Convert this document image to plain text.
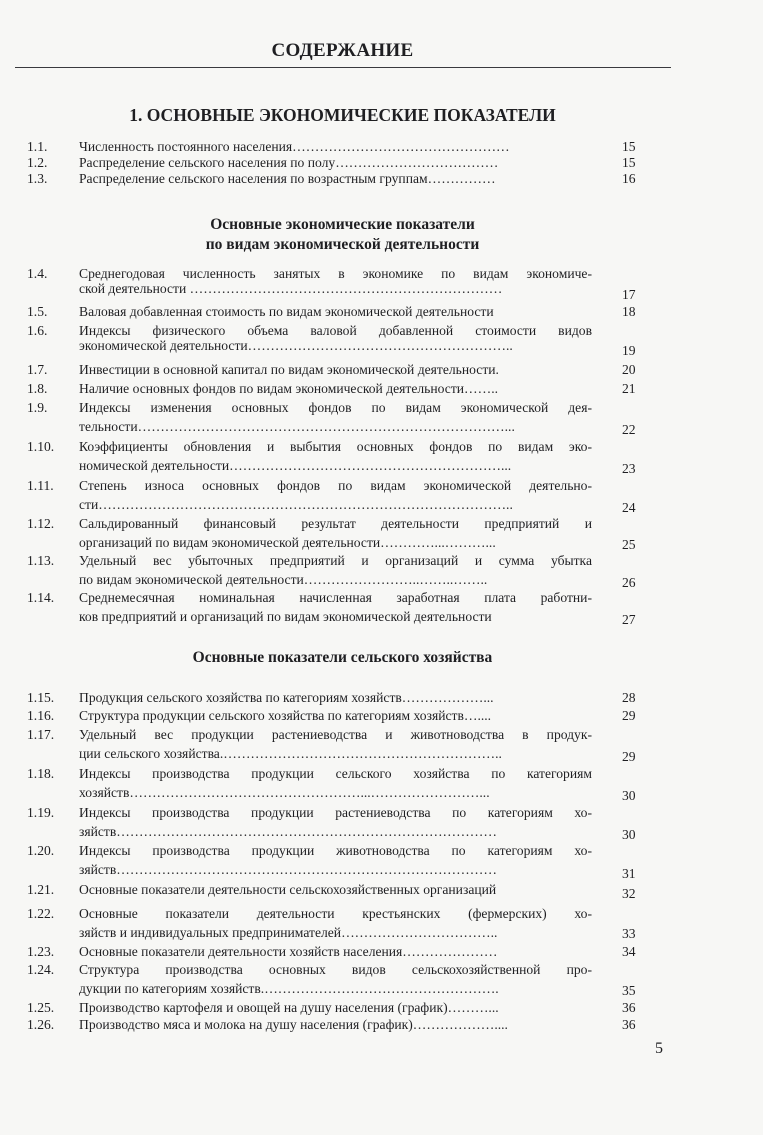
СОДЕРЖАНИЕ
1. ОСНОВНЫЕ ЭКОНОМИЧЕСКИЕ ПОКАЗАТЕЛИ
1.1. Численность постоянного населения…………………………………………	15
1.2. Распределение сельского населения по полу………………………………	15
1.3. Распределение сельского населения по возрастным группам……………	16
Основные экономические показатели
по видам экономической деятельности
1.4. Среднегодовая численность занятых в экономике по видам экономиче-
ской деятельности ……………………………………………………………	17
1.5. Валовая добавленная стоимость по видам экономической деятельности	18
1.6. Индексы физического объема валовой добавленной стоимости видов
экономической деятельности…………………………………………………..	19
1.7. Инвестиции в основной капитал по видам экономической деятельности.	20
1.8. Наличие основных фондов по видам экономической деятельности……..	21
1.9. Индексы изменения основных фондов по видам экономической дея-
тельности………………………………………………………………………...	22
1.10. Коэффициенты обновления и выбытия основных фондов по видам эко-
номической деятельности……………………………………………………...	23
1.11. Степень износа основных фондов по видам экономической деятельно-
сти………………………………………………………………………………..	24
1.12. Сальдированный финансовый результат деятельности предприятий и
организаций по видам экономической деятельности…………...………...	25
1.13. Удельный вес убыточных предприятий и организаций и сумма убытка
по видам экономической деятельности……………………..……..……..	26
1.14. Среднемесячная номинальная начисленная заработная плата работни-
ков предприятий и организаций по видам экономической деятельности	27
Основные показатели сельского хозяйства
1.15. Продукция сельского хозяйства по категориям хозяйств………………...	28
1.16. Структура продукции сельского хозяйства по категориям хозяйств…....	29
1.17. Удельный вес продукции растениеводства и животноводства в продук-
ции сельского хозяйства.……………………………………………………..	29
1.18. Индексы производства продукции сельского хозяйства по категориям
хозяйств……………………………………………...……………………...	30
1.19. Индексы производства продукции растениеводства по категориям хо-
зяйств…………………………………………………………………………	30
1.20. Индексы производства продукции животноводства по категориям хо-
зяйств…………………………………………………………………………	31
1.21. Основные показатели деятельности сельскохозяйственных организаций	32
1.22. Основные показатели деятельности крестьянских (фермерских) хо-
зяйств и индивидуальных предпринимателей……………………………..	33
1.23. Основные показатели деятельности хозяйств населения…………………	34
1.24. Структура производства основных видов сельскохозяйственной про-
дукции по категориям хозяйств.…………………………………………….	35
1.25. Производство картофеля и овощей на душу населения (график)………...	36
1.26. Производство мяса и молока на душу населения (график)………………....	36
5
